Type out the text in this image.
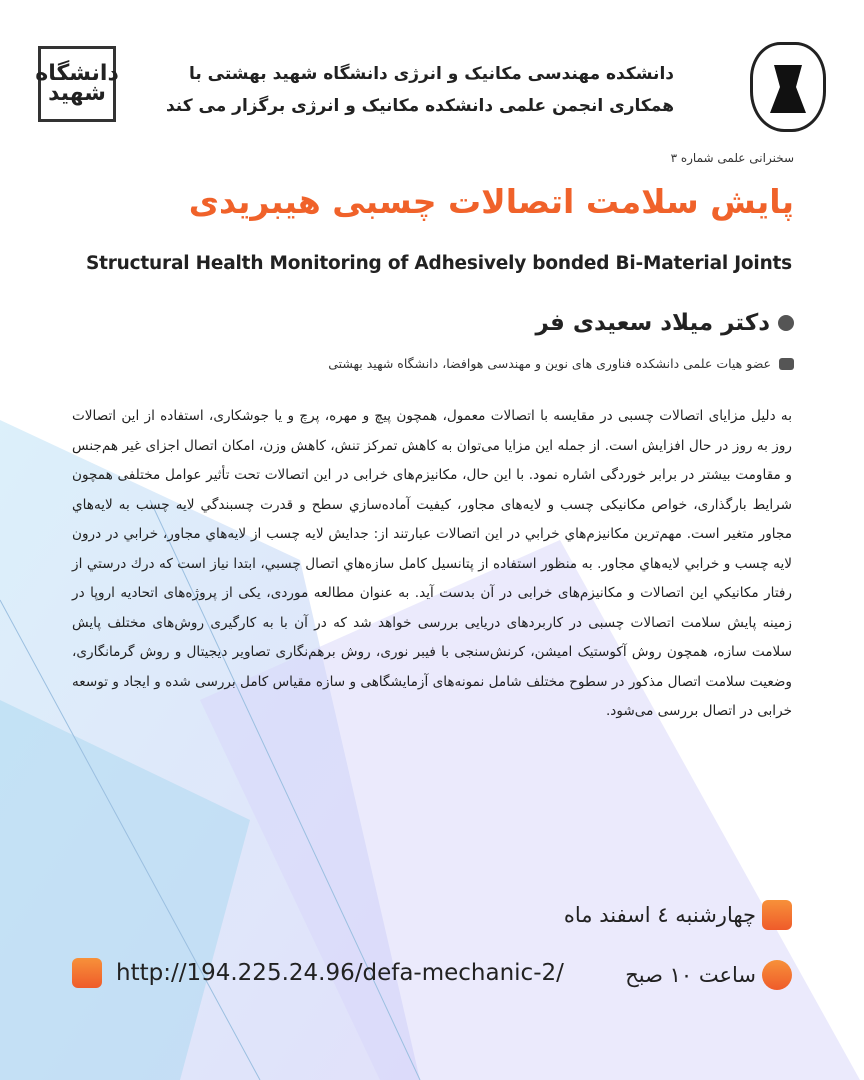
ﺩﺍﻧﺸﮕﺎﻩ
ﺷﻬﻴﺪ
دانشکده مهندسی مکانیک و انرژی دانشگاه شهید بهشتی با
همکاری انجمن علمی دانشکده مکانیک و انرژی برگزار می کند
سخنرانی علمی شماره ۳
پایش سلامت اتصالات چسبی هیبریدی
Structural Health Monitoring of Adhesively bonded Bi-Material Joints
دکتر میلاد سعیدی فر
عضو هیات علمی دانشکده فناوری های نوین و مهندسی هوافضا، دانشگاه شهید بهشتی
به دلیل مزایای اتصالات چسبی در مقایسه با اتصالات معمول، همچون پیچ و مهره، پرچ و یا جوشکاری، استفاده از این اتصالات روز به روز در حال افزایش است. از جمله این مزایا می‌توان به کاهش تمرکز تنش، کاهش وزن، امکان اتصال اجزای غیر هم‌جنس و مقاومت بیشتر در برابر خوردگی اشاره نمود. با این حال، مکانیزم‌های خرابی در این اتصالات تحت تأثیر عوامل مختلفی همچون شرایط بارگذاری، خواص مکانیکی چسب و لایه‌های مجاور، کیفیت آماده‌سازي سطح و قدرت چسبندگي لایه چسب به لایه‌هاي مجاور متغیر است. مهم‌ترین مکانیزم‌هاي خرابي در این اتصالات عبارتند از: جدایش لایه چسب از لایه‌هاي مجاور، خرابي در درون لایه چسب و خرابي لایه‌هاي مجاور. به منظور استفاده از پتانسیل کامل سازه‌هاي اتصال چسبي، ابتدا نیاز است که درك درستي از رفتار مکانیکي این اتصالات و مکانیزم‌های خرابی در آن بدست آید. به عنوان مطالعه موردی، یکی از پروژه‌های اتحادیه اروپا در زمینه پایش سلامت اتصالات چسبی در کاربردهای دریایی بررسی خواهد شد که در آن با به کارگیری روش‌های مختلف پایش سلامت سازه، همچون روش آکوستیک امیشن، کرنش‌سنجی با فیبر نوری، روش برهم‌نگاری تصاویر دیجیتال و روش گرمانگاری، وضعیت سلامت اتصال مذکور در سطوح مختلف شامل نمونه‌های آزمایشگاهی و سازه مقیاس کامل بررسی شده و ایجاد و توسعه خرابی در اتصال بررسی می‌شود.
چهارشنبه ٤ اسفند ماه
ساعت ۱۰ صبح
http://194.225.24.96/defa-mechanic-2/
